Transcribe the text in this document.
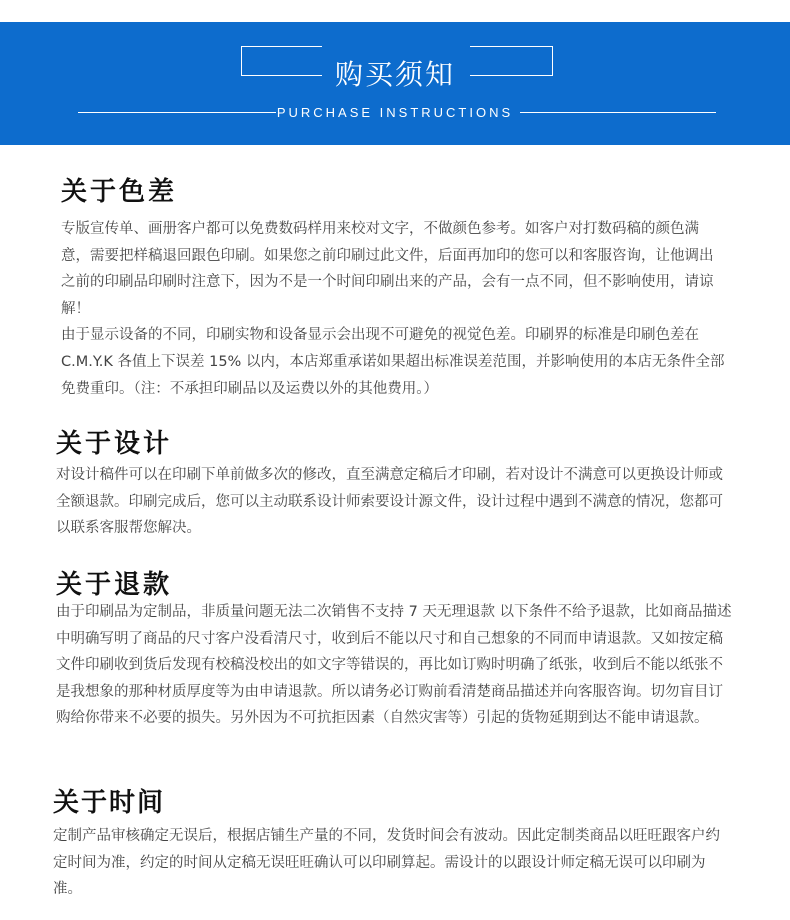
购买须知
PURCHASE INSTRUCTIONS
关于色差

专版宣传单、画册客户都可以免费数码样用来校对文字，不做颜色参考。如客户对打数码稿的颜色满意，需要把样稿退回跟色印刷。如果您之前印刷过此文件，后面再加印的您可以和客服咨询，让他调出之前的印刷品印刷时注意下，因为不是一个时间印刷出来的产品，会有一点不同，但不影响使用，请谅解！

由于显示设备的不同，印刷实物和设备显示会出现不可避免的视觉色差。印刷界的标准是印刷色差在 C.M.Y.K 各值上下误差 15% 以内，本店郑重承诺如果超出标准误差范围，并影响使用的本店无条件全部免费重印。（注：不承担印刷品以及运费以外的其他费用。）

关于设计

对设计稿件可以在印刷下单前做多次的修改，直至满意定稿后才印刷，若对设计不满意可以更换设计师或全额退款。印刷完成后，您可以主动联系设计师索要设计源文件，设计过程中遇到不满意的情况，您都可以联系客服帮您解决。

关于退款

由于印刷品为定制品，非质量问题无法二次销售不支持 7 天无理退款 以下条件不给予退款，比如商品描述中明确写明了商品的尺寸客户没看清尺寸，收到后不能以尺寸和自己想象的不同而申请退款。又如按定稿文件印刷收到货后发现有校稿没校出的如文字等错误的，再比如订购时明确了纸张，收到后不能以纸张不是我想象的那种材质厚度等为由申请退款。所以请务必订购前看清楚商品描述并向客服咨询。切勿盲目订购给你带来不必要的损失。另外因为不可抗拒因素（自然灾害等）引起的货物延期到达不能申请退款。

关于时间

定制产品审核确定无误后，根据店铺生产量的不同，发货时间会有波动。因此定制类商品以旺旺跟客户约定时间为准，约定的时间从定稿无误旺旺确认可以印刷算起。需设计的以跟设计师定稿无误可以印刷为准。
